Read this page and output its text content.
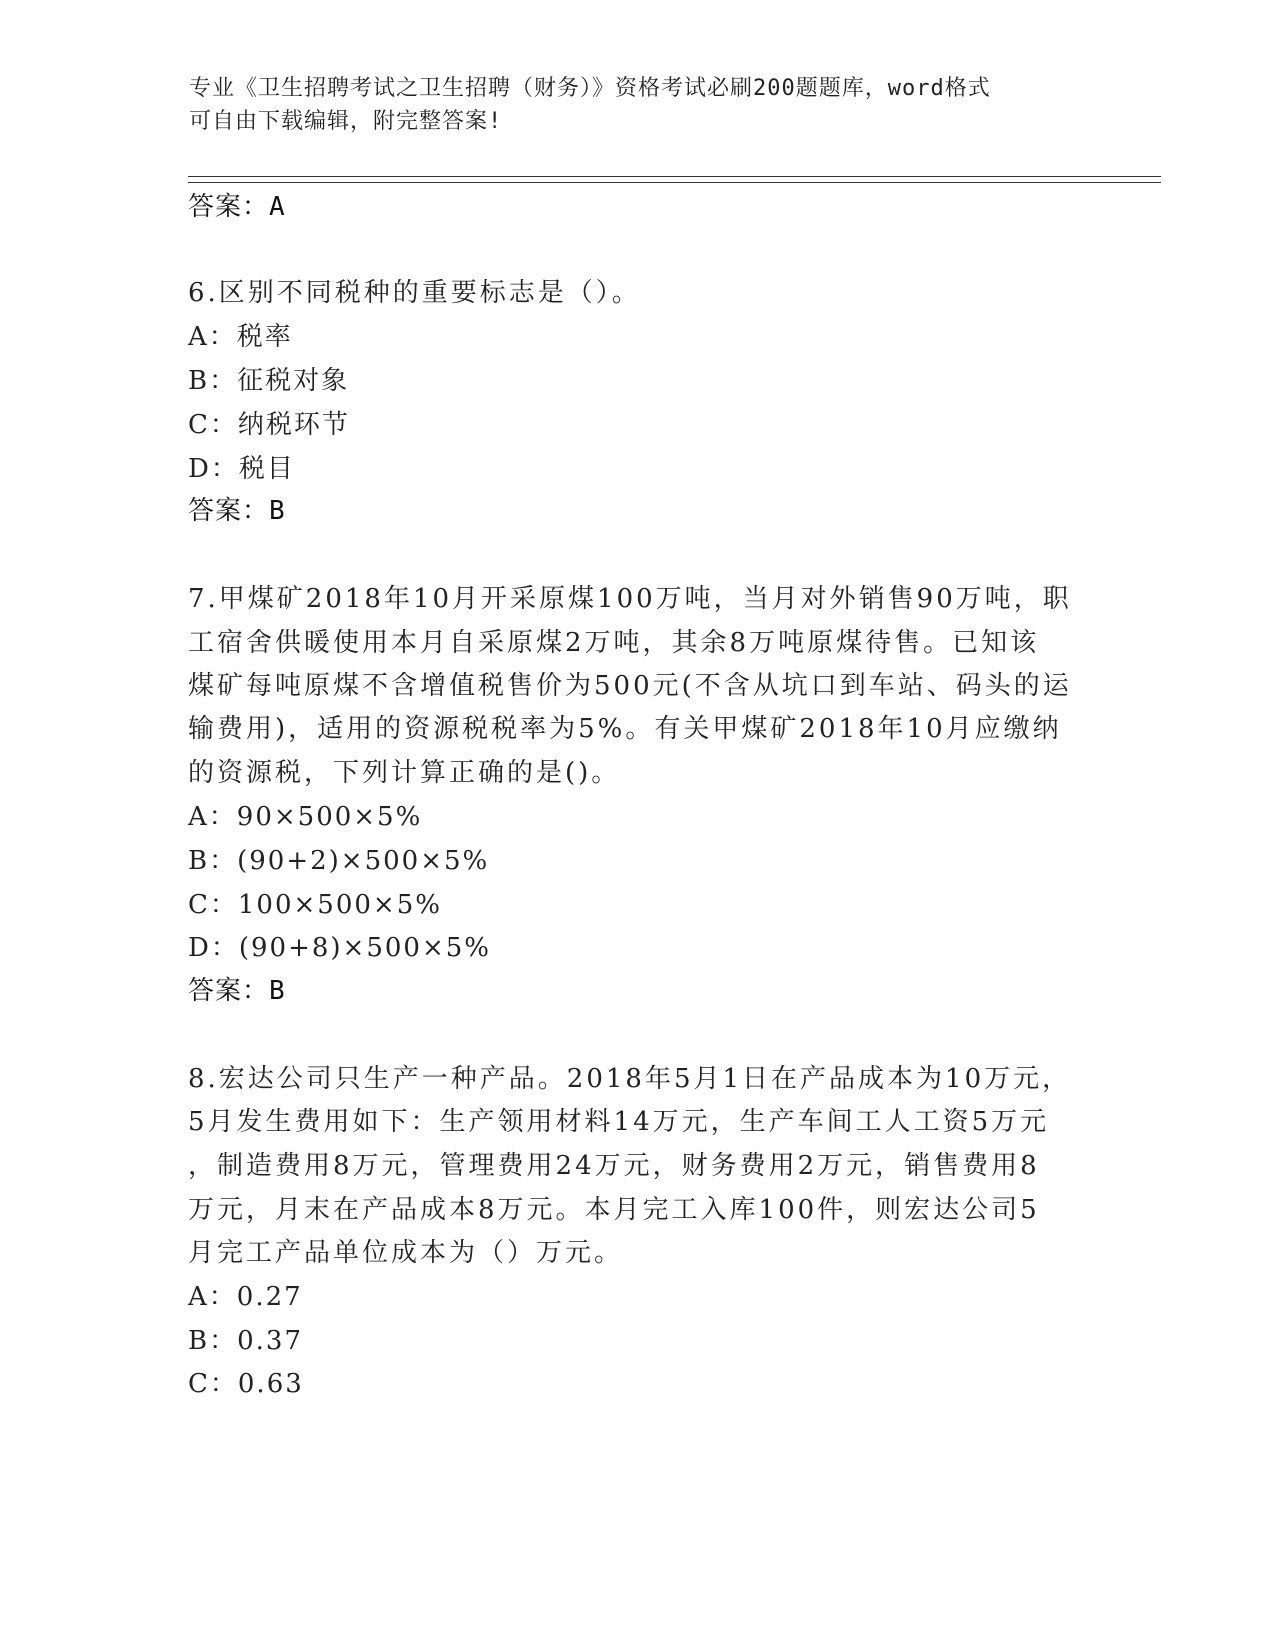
专业《卫生招聘考试之卫生招聘（财务）》资格考试必刷200题题库，word格式
可自由下载编辑，附完整答案!
答案：A
6.区别不同税种的重要标志是（）。
A：税率
B：征税对象
C：纳税环节
D：税目
答案：B
7.甲煤矿2018年10月开采原煤100万吨，当月对外销售90万吨，职
工宿舍供暖使用本月自采原煤2万吨，其余8万吨原煤待售。已知该
煤矿每吨原煤不含增值税售价为500元(不含从坑口到车站、码头的运
输费用)，适用的资源税税率为5%。有关甲煤矿2018年10月应缴纳
的资源税，下列计算正确的是()。
A：90×500×5%
B：(90+2)×500×5%
C：100×500×5%
D：(90+8)×500×5%
答案：B
8.宏达公司只生产一种产品。2018年5月1日在产品成本为10万元，
5月发生费用如下：生产领用材料14万元，生产车间工人工资5万元
，制造费用8万元，管理费用24万元，财务费用2万元，销售费用8
万元，月末在产品成本8万元。本月完工入库100件，则宏达公司5
月完工产品单位成本为（）万元。
A：0.27
B：0.37
C：0.63
